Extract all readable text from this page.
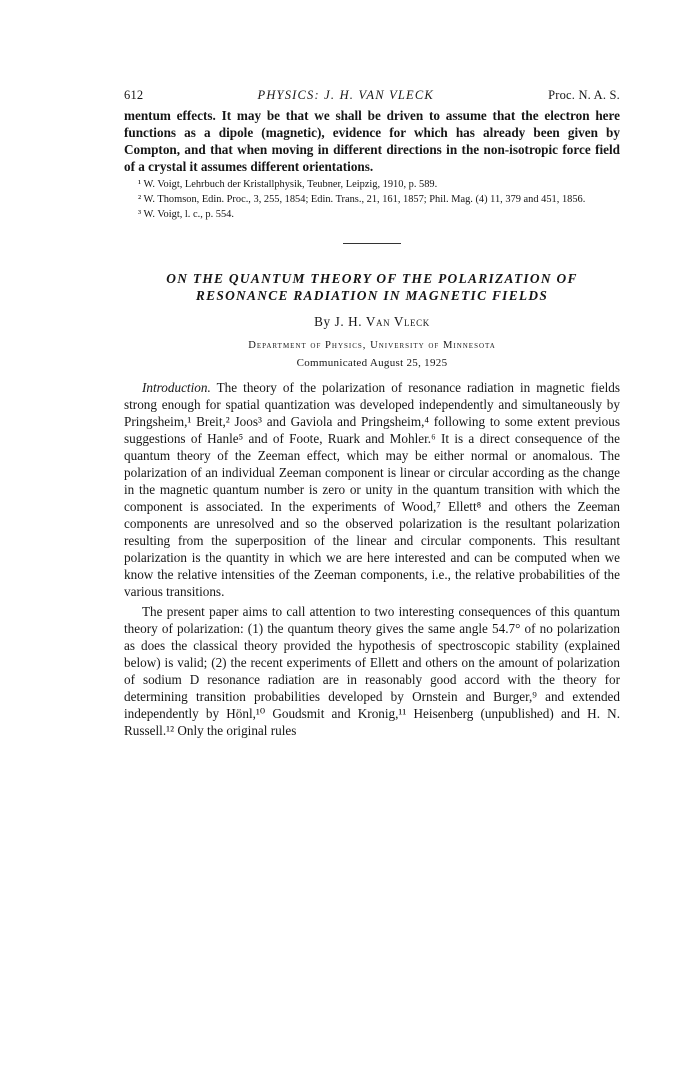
612	PHYSICS: J. H. VAN VLECK	Proc. N. A. S.

mentum effects. It may be that we shall be driven to assume that the electron here functions as a dipole (magnetic), evidence for which has already been given by Compton, and that when moving in different directions in the non-isotropic force field of a crystal it assumes different orientations.

¹ W. Voigt, Lehrbuch der Kristallphysik, Teubner, Leipzig, 1910, p. 589.

² W. Thomson, Edin. Proc., 3, 255, 1854; Edin. Trans., 21, 161, 1857; Phil. Mag. (4) 11, 379 and 451, 1856.

³ W. Voigt, l. c., p. 554.

ON THE QUANTUM THEORY OF THE POLARIZATION OF RESONANCE RADIATION IN MAGNETIC FIELDS

By J. H. Van Vleck
Department of Physics, University of Minnesota
Communicated August 25, 1925

Introduction. The theory of the polarization of resonance radiation in magnetic fields strong enough for spatial quantization was developed independently and simultaneously by Pringsheim,¹ Breit,² Joos³ and Gaviola and Pringsheim,⁴ following to some extent previous suggestions of Hanle⁵ and of Foote, Ruark and Mohler.⁶ It is a direct consequence of the quantum theory of the Zeeman effect, which may be either normal or anomalous. The polarization of an individual Zeeman component is linear or circular according as the change in the magnetic quantum number is zero or unity in the quantum transition with which the component is associated. In the experiments of Wood,⁷ Ellett⁸ and others the Zeeman components are unresolved and so the observed polarization is the resultant polarization resulting from the superposition of the linear and circular components. This resultant polarization is the quantity in which we are here interested and can be computed when we know the relative intensities of the Zeeman components, i.e., the relative probabilities of the various transitions.

The present paper aims to call attention to two interesting consequences of this quantum theory of polarization: (1) the quantum theory gives the same angle 54.7° of no polarization as does the classical theory provided the hypothesis of spectroscopic stability (explained below) is valid; (2) the recent experiments of Ellett and others on the amount of polarization of sodium D resonance radiation are in reasonably good accord with the theory for determining transition probabilities developed by Ornstein and Burger,⁹ and extended independently by Hönl,¹⁰ Goudsmit and Kronig,¹¹ Heisenberg (unpublished) and H. N. Russell.¹² Only the original rules
